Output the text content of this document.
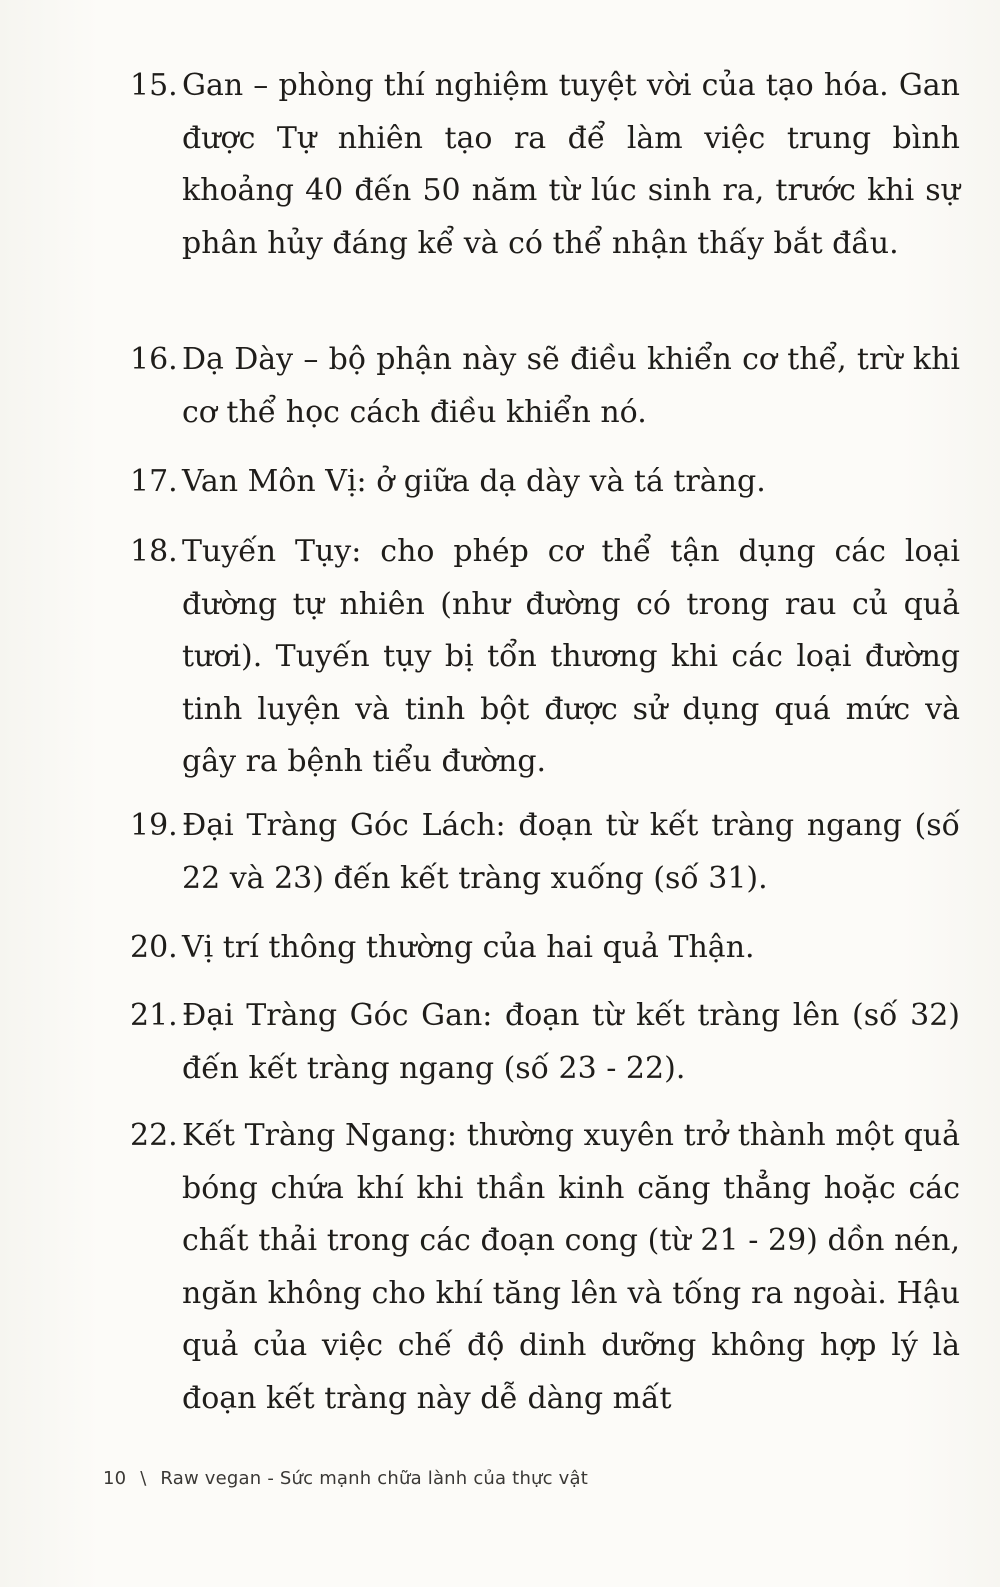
15. Gan – phòng thí nghiệm tuyệt vời của tạo hóa. Gan được Tự nhiên tạo ra để làm việc trung bình khoảng 40 đến 50 năm từ lúc sinh ra, trước khi sự phân hủy đáng kể và có thể nhận thấy bắt đầu.
16. Dạ Dày – bộ phận này sẽ điều khiển cơ thể, trừ khi cơ thể học cách điều khiển nó.
17. Van Môn Vị: ở giữa dạ dày và tá tràng.
18. Tuyến Tụy: cho phép cơ thể tận dụng các loại đường tự nhiên (như đường có trong rau củ quả tươi). Tuyến tụy bị tổn thương khi các loại đường tinh luyện và tinh bột được sử dụng quá mức và gây ra bệnh tiểu đường.
19. Đại Tràng Góc Lách: đoạn từ kết tràng ngang (số 22 và 23) đến kết tràng xuống (số 31).
20. Vị trí thông thường của hai quả Thận.
21. Đại Tràng Góc Gan: đoạn từ kết tràng lên (số 32) đến kết tràng ngang (số 23 - 22).
22. Kết Tràng Ngang: thường xuyên trở thành một quả bóng chứa khí khi thần kinh căng thẳng hoặc các chất thải trong các đoạn cong (từ 21 - 29) dồn nén, ngăn không cho khí tăng lên và tống ra ngoài. Hậu quả của việc chế độ dinh dưỡng không hợp lý là đoạn kết tràng này dễ dàng mất
10 \ Raw vegan - Sức mạnh chữa lành của thực vật
